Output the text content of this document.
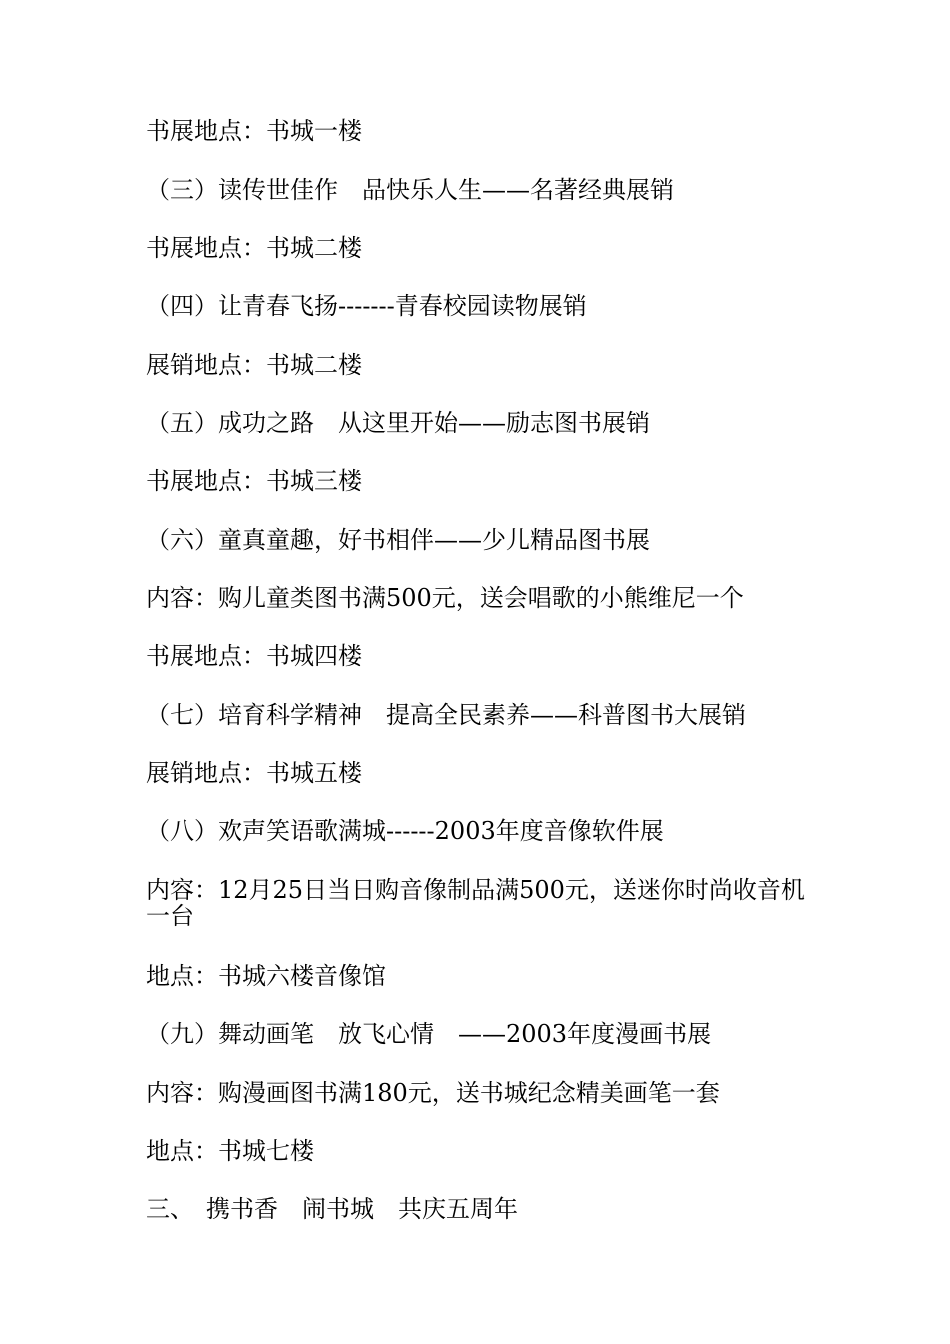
书展地点：书城一楼
（三）读传世佳作　品快乐人生——名著经典展销
书展地点：书城二楼
（四）让青春飞扬-------青春校园读物展销
展销地点：书城二楼
（五）成功之路　从这里开始——励志图书展销
书展地点：书城三楼
（六）童真童趣，好书相伴——少儿精品图书展
内容：购儿童类图书满500元，送会唱歌的小熊维尼一个
书展地点：书城四楼
（七）培育科学精神　提高全民素养——科普图书大展销
展销地点：书城五楼
（八）欢声笑语歌满城------2003年度音像软件展
内容：12月25日当日购音像制品满500元，送迷你时尚收音机一台
地点：书城六楼音像馆
（九）舞动画笔　放飞心情　——2003年度漫画书展
内容：购漫画图书满180元，送书城纪念精美画笔一套
地点：书城七楼
三、　携书香　闹书城　共庆五周年
